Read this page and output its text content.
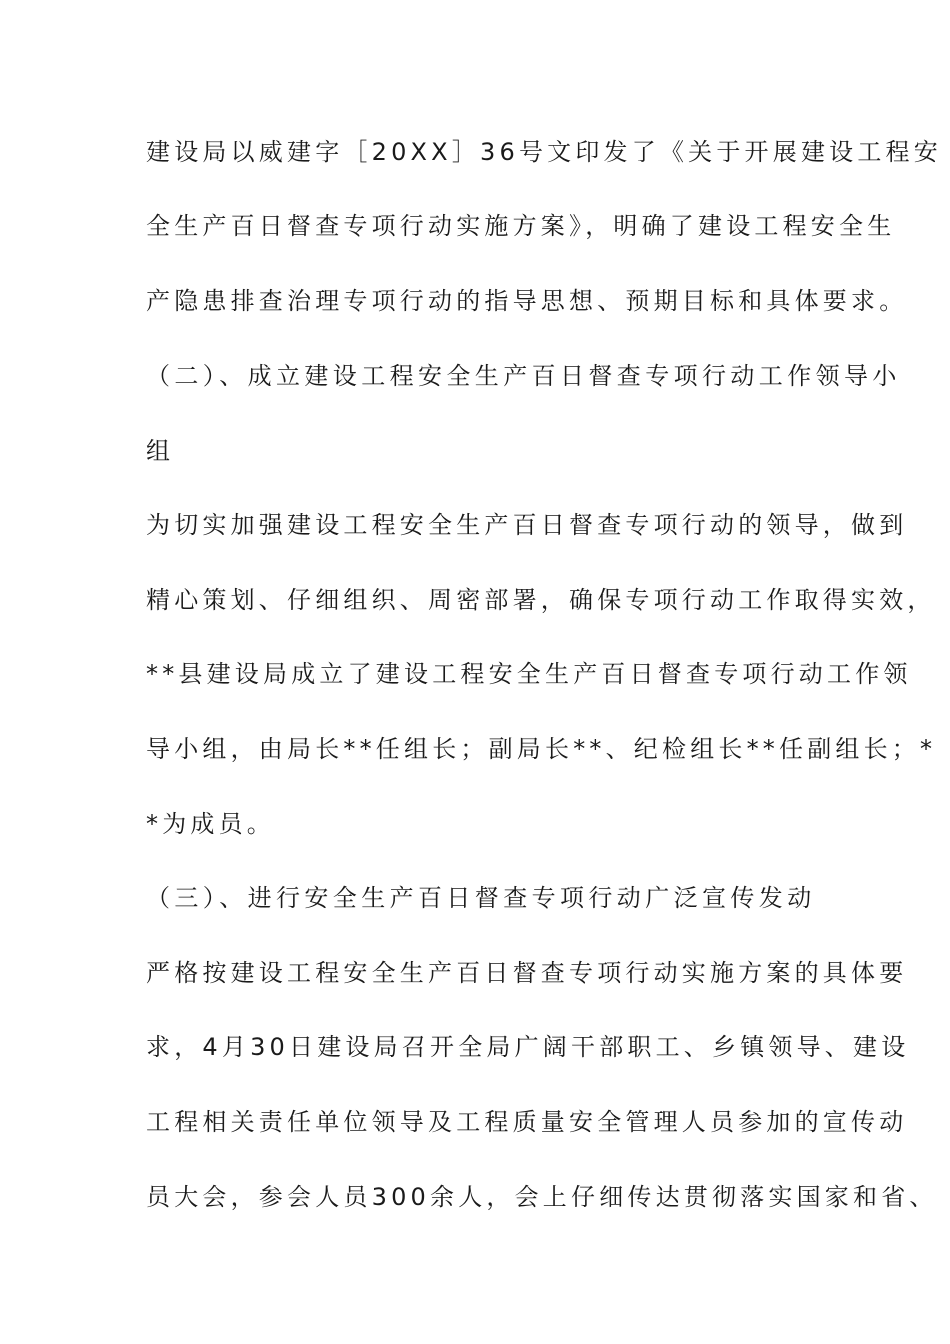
建设局以威建字［20XX］36号文印发了《关于开展建设工程安
全生产百日督查专项行动实施方案》，明确了建设工程安全生
产隐患排查治理专项行动的指导思想、预期目标和具体要求。
（二）、成立建设工程安全生产百日督查专项行动工作领导小
组
为切实加强建设工程安全生产百日督查专项行动的领导，做到
精心策划、仔细组织、周密部署，确保专项行动工作取得实效，
**县建设局成立了建设工程安全生产百日督查专项行动工作领
导小组，由局长**任组长；副局长**、纪检组长**任副组长；*
*为成员。
（三）、进行安全生产百日督查专项行动广泛宣传发动
严格按建设工程安全生产百日督查专项行动实施方案的具体要
求，4月30日建设局召开全局广阔干部职工、乡镇领导、建设
工程相关责任单位领导及工程质量安全管理人员参加的宣传动
员大会，参会人员300余人，会上仔细传达贯彻落实国家和省、
